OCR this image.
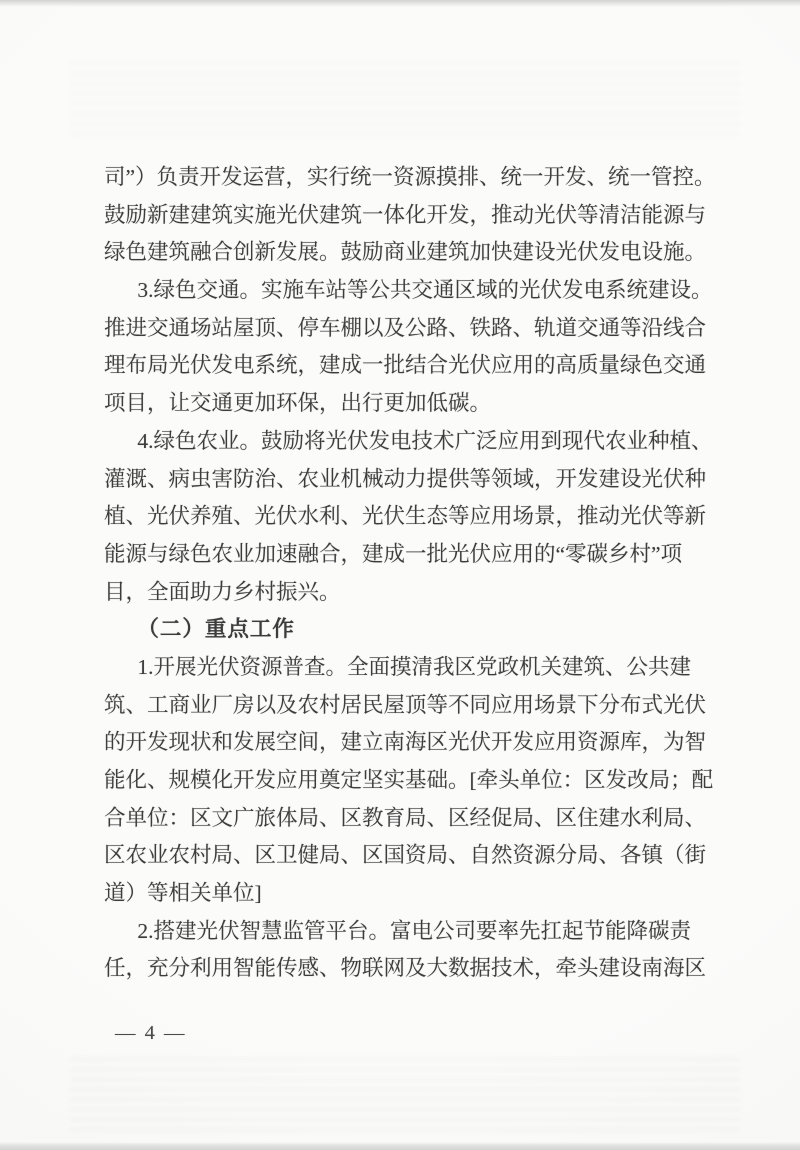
司”）负责开发运营，实行统一资源摸排、统一开发、统一管控。
鼓励新建建筑实施光伏建筑一体化开发，推动光伏等清洁能源与
绿色建筑融合创新发展。鼓励商业建筑加快建设光伏发电设施。
3.绿色交通。实施车站等公共交通区域的光伏发电系统建设。
推进交通场站屋顶、停车棚以及公路、铁路、轨道交通等沿线合
理布局光伏发电系统，建成一批结合光伏应用的高质量绿色交通
项目，让交通更加环保，出行更加低碳。
4.绿色农业。鼓励将光伏发电技术广泛应用到现代农业种植、
灌溉、病虫害防治、农业机械动力提供等领域，开发建设光伏种
植、光伏养殖、光伏水利、光伏生态等应用场景，推动光伏等新
能源与绿色农业加速融合，建成一批光伏应用的“零碳乡村”项
目，全面助力乡村振兴。
（二）重点工作
1.开展光伏资源普查。全面摸清我区党政机关建筑、公共建
筑、工商业厂房以及农村居民屋顶等不同应用场景下分布式光伏
的开发现状和发展空间，建立南海区光伏开发应用资源库，为智
能化、规模化开发应用奠定坚实基础。[牵头单位：区发改局；配
合单位：区文广旅体局、区教育局、区经促局、区住建水利局、
区农业农村局、区卫健局、区国资局、自然资源分局、各镇（街
道）等相关单位]
2.搭建光伏智慧监管平台。富电公司要率先扛起节能降碳责
任，充分利用智能传感、物联网及大数据技术，牵头建设南海区
— 4 —
